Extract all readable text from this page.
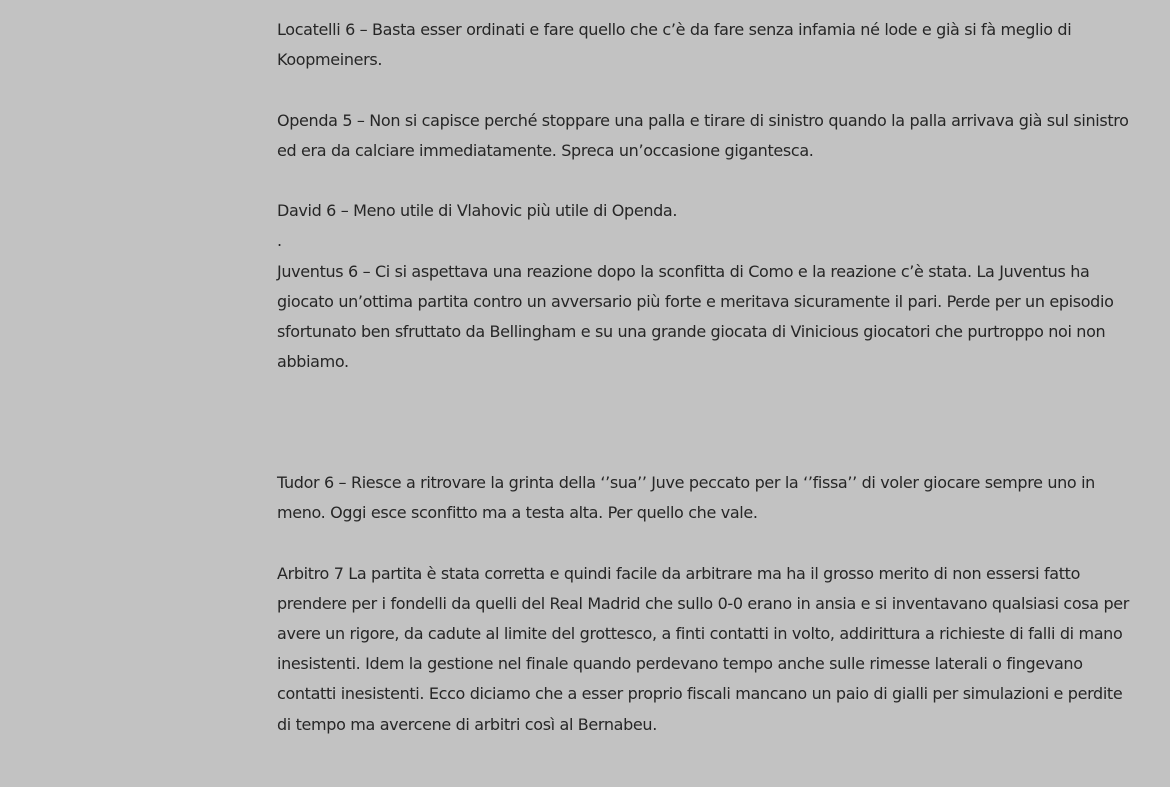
Locatelli 6 – Basta esser ordinati e fare quello che c’è da fare senza infamia né lode e già si fà meglio di Koopmeiners.

Openda 5 – Non si capisce perché stoppare una palla e tirare di sinistro quando la palla arrivava già sul sinistro ed era da calciare immediatamente. Spreca un’occasione gigantesca.

David 6 – Meno utile di Vlahovic più utile di Openda.

.

Juventus 6 – Ci si aspettava una reazione dopo la sconfitta di Como e la reazione c’è stata. La Juventus ha giocato un’ottima partita contro un avversario più forte e meritava sicuramente il pari. Perde per un episodio sfortunato ben sfruttato da Bellingham e su una grande giocata di Vinicious giocatori che purtroppo noi non abbiamo.

Tudor 6 – Riesce a ritrovare la grinta della ‘’sua’’ Juve peccato per la ‘’fissa’’ di voler giocare sempre uno in meno. Oggi esce sconfitto ma a testa alta. Per quello che vale.

Arbitro 7 La partita è stata corretta e quindi facile da arbitrare ma ha il grosso merito di non essersi fatto prendere per i fondelli da quelli del Real Madrid che sullo 0-0 erano in ansia e si inventavano qualsiasi cosa per avere un rigore, da cadute al limite del grottesco, a finti contatti in volto, addirittura a richieste di falli di mano inesistenti. Idem la gestione nel finale quando perdevano tempo anche sulle rimesse laterali o fingevano contatti inesistenti. Ecco diciamo che a esser proprio fiscali mancano un paio di gialli per simulazioni e perdite di tempo ma avercene di arbitri così al Bernabeu.
